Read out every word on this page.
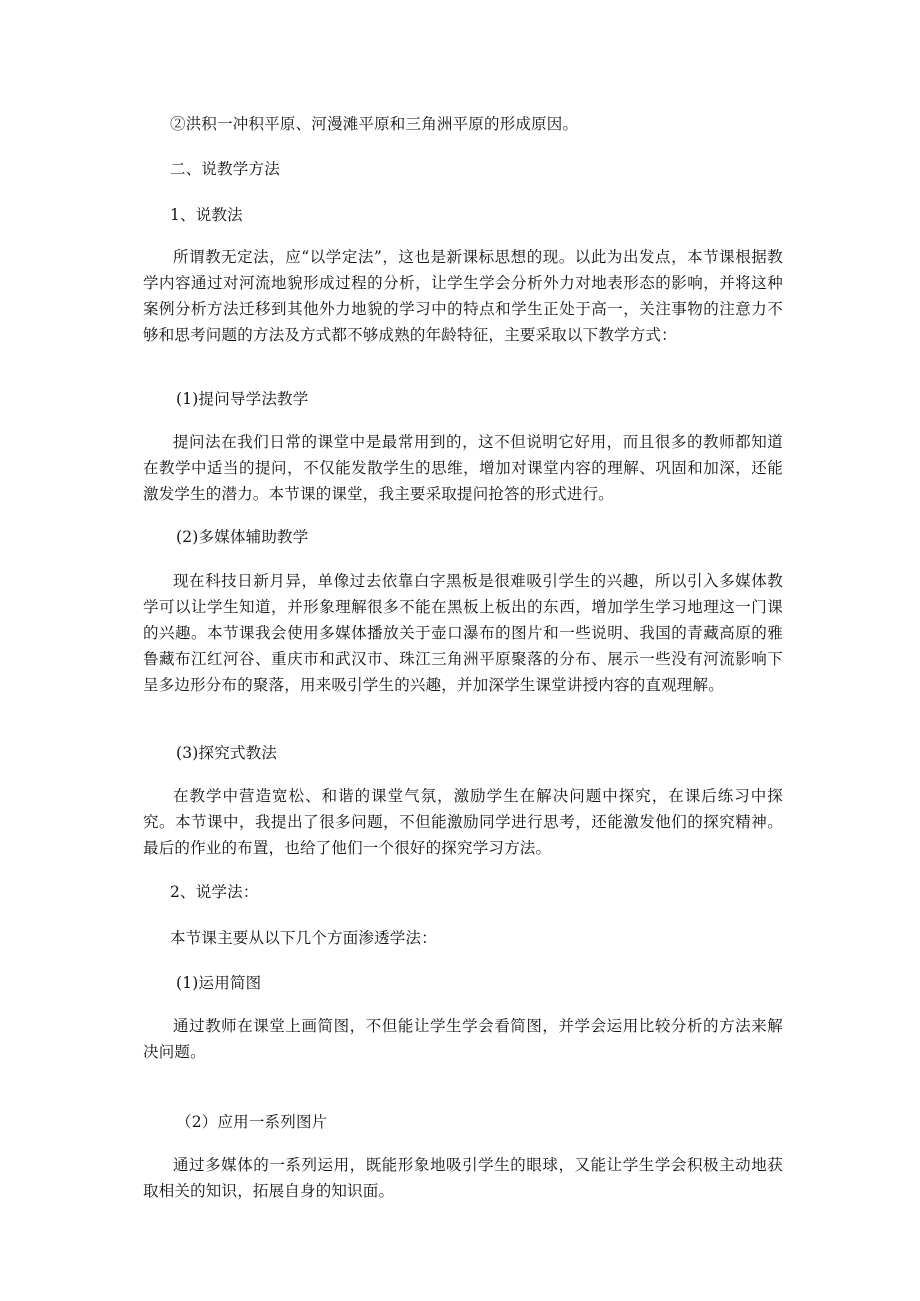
②洪积一冲积平原、河漫滩平原和三角洲平原的形成原因。
二、说教学方法
1、说教法
所谓教无定法，应“以学定法”，这也是新课标思想的现。以此为出发点，本节课根据教学内容通过对河流地貌形成过程的分析，让学生学会分析外力对地表形态的影响，并将这种案例分析方法迁移到其他外力地貌的学习中的特点和学生正处于高一，关注事物的注意力不够和思考问题的方法及方式都不够成熟的年龄特征，主要采取以下教学方式：
(1)提问导学法教学
提问法在我们日常的课堂中是最常用到的，这不但说明它好用，而且很多的教师都知道在教学中适当的提问，不仅能发散学生的思维，增加对课堂内容的理解、巩固和加深，还能激发学生的潜力。本节课的课堂，我主要采取提问抢答的形式进行。
(2)多媒体辅助教学
现在科技日新月异，单像过去依靠白字黑板是很难吸引学生的兴趣，所以引入多媒体教学可以让学生知道，并形象理解很多不能在黑板上板出的东西，增加学生学习地理这一门课的兴趣。本节课我会使用多媒体播放关于壶口瀑布的图片和一些说明、我国的青藏高原的雅鲁藏布江红河谷、重庆市和武汉市、珠江三角洲平原聚落的分布、展示一些没有河流影响下呈多边形分布的聚落，用来吸引学生的兴趣，并加深学生课堂讲授内容的直观理解。
(3)探究式教法
在教学中营造宽松、和谐的课堂气氛，激励学生在解决问题中探究，在课后练习中探究。本节课中，我提出了很多问题，不但能激励同学进行思考，还能激发他们的探究精神。最后的作业的布置，也给了他们一个很好的探究学习方法。
2、说学法：
本节课主要从以下几个方面渗透学法：
(1)运用简图
通过教师在课堂上画简图，不但能让学生学会看简图，并学会运用比较分析的方法来解决问题。
（2）应用一系列图片
通过多媒体的一系列运用，既能形象地吸引学生的眼球，又能让学生学会积极主动地获取相关的知识，拓展自身的知识面。
